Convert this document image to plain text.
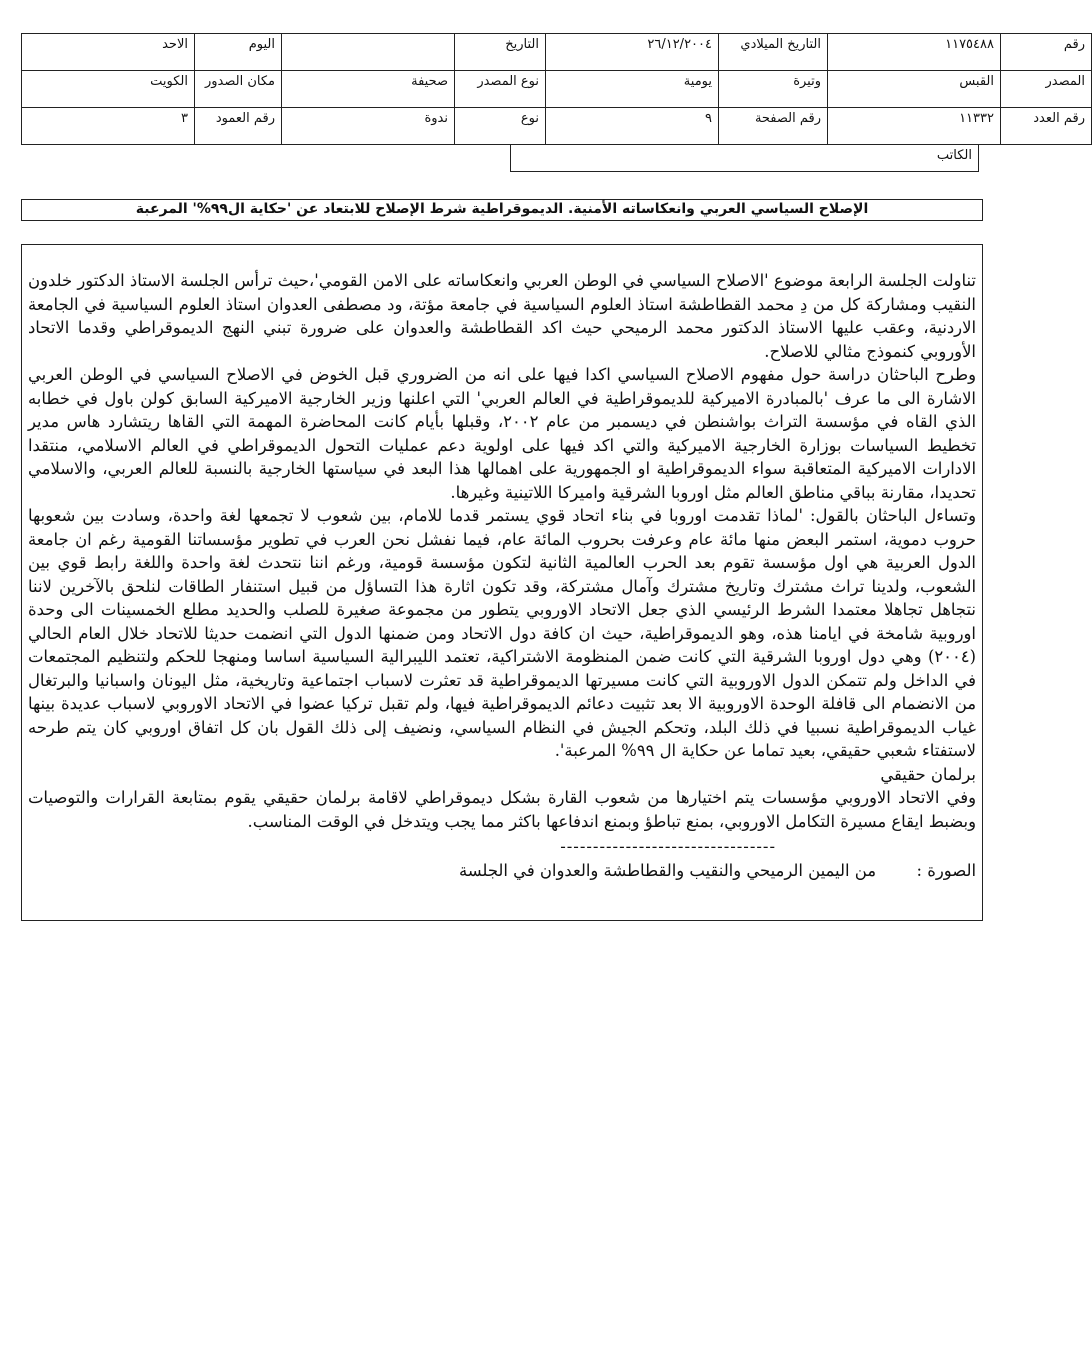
رقم	١١٧٥٤٨٨	التاريخ الميلادي	٢٦/١٢/٢٠٠٤	التاريخ		اليوم	الاحد
المصدر	القبس	وتيرة	يومية	نوع المصدر	صحيفة	مكان الصدور	الكويت
رقم العدد	١١٣٣٢	رقم الصفحة	٩	نوع	ندوة	رقم العمود	٣
الكاتب
الإصلاح السياسي العربي وانعكاساته الأمنية. الديموقراطية شرط الإصلاح للابتعاد عن 'حكاية ال٩٩%' المرعبة

تناولت الجلسة الرابعة موضوع 'الاصلاح السياسي في الوطن العربي وانعكاساته على الامن القومي'،حيث ترأس الجلسة الاستاذ الدكتور خلدون النقيب ومشاركة كل من دِ محمد القطاطشة استاذ العلوم السياسية في جامعة مؤتة، ود مصطفى العدوان استاذ العلوم السياسية في الجامعة الاردنية، وعقب عليها الاستاذ الدكتور محمد الرميحي حيث اكد القطاطشة والعدوان على ضرورة تبني النهج الديموقراطي وقدما الاتحاد الأوروبي كنموذج مثالي للاصلاح.

وطرح الباحثان دراسة حول مفهوم الاصلاح السياسي اكدا فيها على انه من الضروري قبل الخوض في الاصلاح السياسي في الوطن العربي الاشارة الى ما عرف 'بالمبادرة الاميركية للديموقراطية في العالم العربي' التي اعلنها وزير الخارجية الاميركية السابق كولن باول في خطابه الذي القاه في مؤسسة التراث بواشنطن في ديسمبر من عام ٢٠٠٢، وقبلها بأيام كانت المحاضرة المهمة التي القاها ريتشارد هاس مدير تخطيط السياسات بوزارة الخارجية الاميركية والتي اكد فيها على اولوية دعم عمليات التحول الديموقراطي في العالم الاسلامي، منتقدا الادارات الاميركية المتعاقبة سواء الديموقراطية او الجمهورية على اهمالها هذا البعد في سياستها الخارجية بالنسبة للعالم العربي، والاسلامي تحديدا، مقارنة بباقي مناطق العالم مثل اوروبا الشرقية واميركا اللاتينية وغيرها.

وتساءل الباحثان بالقول: 'لماذا تقدمت اوروبا في بناء اتحاد قوي يستمر قدما للامام، بين شعوب لا تجمعها لغة واحدة، وسادت بين شعوبها حروب دموية، استمر البعض منها مائة عام وعرفت بحروب المائة عام، فيما نفشل نحن العرب في تطوير مؤسساتنا القومية رغم ان جامعة الدول العربية هي اول مؤسسة تقوم بعد الحرب العالمية الثانية لتكون مؤسسة قومية، ورغم اننا نتحدث لغة واحدة واللغة رابط قوي بين الشعوب، ولدينا تراث مشترك وتاريخ مشترك وآمال مشتركة، وقد تكون اثارة هذا التساؤل من قبيل استنفار الطاقات لنلحق بالآخرين لاننا نتجاهل تجاهلا معتمدا الشرط الرئيسي الذي جعل الاتحاد الاوروبي يتطور من مجموعة صغيرة للصلب والحديد مطلع الخمسينات الى وحدة اوروبية شامخة في ايامنا هذه، وهو الديموقراطية، حيث ان كافة دول الاتحاد ومن ضمنها الدول التي انضمت حديثا للاتحاد خلال العام الحالي (٢٠٠٤) وهي دول اوروبا الشرقية التي كانت ضمن المنظومة الاشتراكية، تعتمد الليبرالية السياسية اساسا ومنهجا للحكم ولتنظيم المجتمعات في الداخل ولم تتمكن الدول الاوروبية التي كانت مسيرتها الديموقراطية قد تعثرت لاسباب اجتماعية وتاريخية، مثل اليونان واسبانيا والبرتغال من الانضمام الى قافلة الوحدة الاوروبية الا بعد تثبيت دعائم الديموقراطية فيها، ولم تقبل تركيا عضوا في الاتحاد الاوروبي لاسباب عديدة بينها غياب الديموقراطية نسبيا في ذلك البلد، وتحكم الجيش في النظام السياسي، ونضيف إلى ذلك القول بان كل اتفاق اوروبي كان يتم طرحه لاستفتاء شعبي حقيقي، بعيد تماما عن حكاية ال ٩٩% المرعبة'.

برلمان حقيقي

وفي الاتحاد الاوروبي مؤسسات يتم اختيارها من شعوب القارة بشكل ديموقراطي لاقامة برلمان حقيقي يقوم بمتابعة القرارات والتوصيات وبضبط ايقاع مسيرة التكامل الاوروبي، بمنع تباطؤ وبمنع اندفاعها باكثر مما يجب ويتدخل في الوقت المناسب.

---------------------------------
الصورة :
من اليمين الرميحي والنقيب والقطاطشة والعدوان في الجلسة
